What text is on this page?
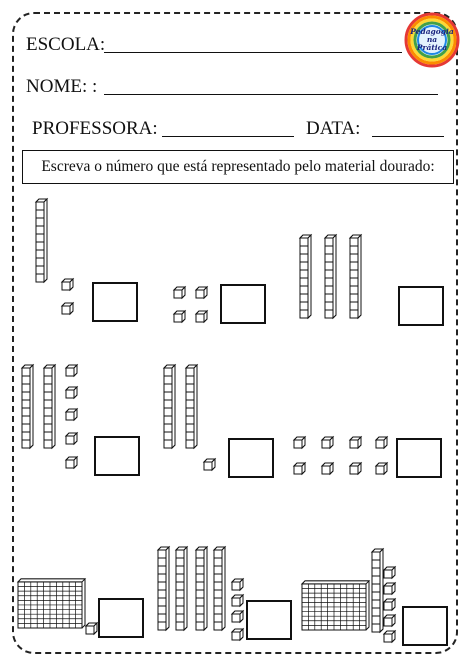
ESCOLA:
NOME: :
PROFESSORA:	DATA:
Pedagogia
na
Prática
Escreva o número que está representado pelo material dourado:
